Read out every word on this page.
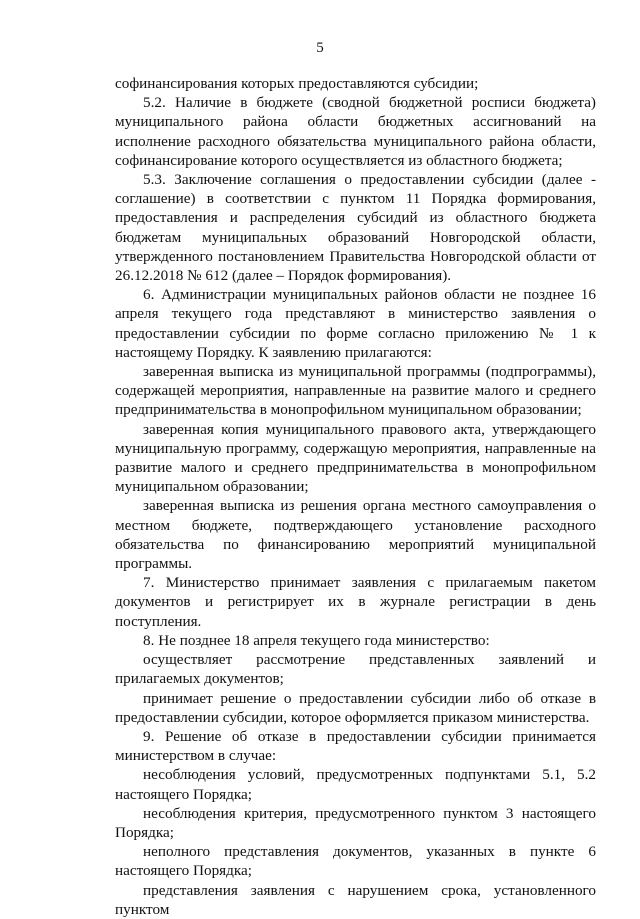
5

софинансирования которых предоставляются субсидии;

5.2. Наличие в бюджете (сводной бюджетной росписи бюджета) муниципального района области бюджетных ассигнований на исполнение расходного обязательства муниципального района области, софинансирование которого осуществляется из областного бюджета;

5.3. Заключение соглашения о предоставлении субсидии (далее - соглашение) в соответствии с пунктом 11 Порядка формирования, предоставления и распределения субсидий из областного бюджета бюджетам муниципальных образований Новгородской области, утвержденного постановлением Правительства Новгородской области от 26.12.2018 № 612 (далее – Порядок формирования).

6. Администрации муниципальных районов области не позднее 16 апреля текущего года представляют в министерство заявления о предоставлении субсидии по форме согласно приложению № 1 к настоящему Порядку. К заявлению прилагаются:

заверенная выписка из муниципальной программы (подпрограммы), содержащей мероприятия, направленные на развитие малого и среднего предпринимательства в монопрофильном муниципальном образовании;

заверенная копия муниципального правового акта, утверждающего муниципальную программу, содержащую мероприятия, направленные на развитие малого и среднего предпринимательства в монопрофильном муниципальном образовании;

заверенная выписка из решения органа местного самоуправления о местном бюджете, подтверждающего установление расходного обязательства по финансированию мероприятий муниципальной программы.

7. Министерство принимает заявления с прилагаемым пакетом документов и регистрирует их в журнале регистрации в день поступления.

8. Не позднее 18 апреля текущего года министерство:

осуществляет рассмотрение представленных заявлений и прилагаемых документов;

принимает решение о предоставлении субсидии либо об отказе в предоставлении субсидии, которое оформляется приказом министерства.

9. Решение об отказе в предоставлении субсидии принимается министерством в случае:

несоблюдения условий, предусмотренных подпунктами 5.1, 5.2 настоящего Порядка;

несоблюдения критерия, предусмотренного пунктом 3 настоящего Порядка;

неполного представления документов, указанных в пункте 6 настоящего Порядка;

представления заявления с нарушением срока, установленного пунктом
